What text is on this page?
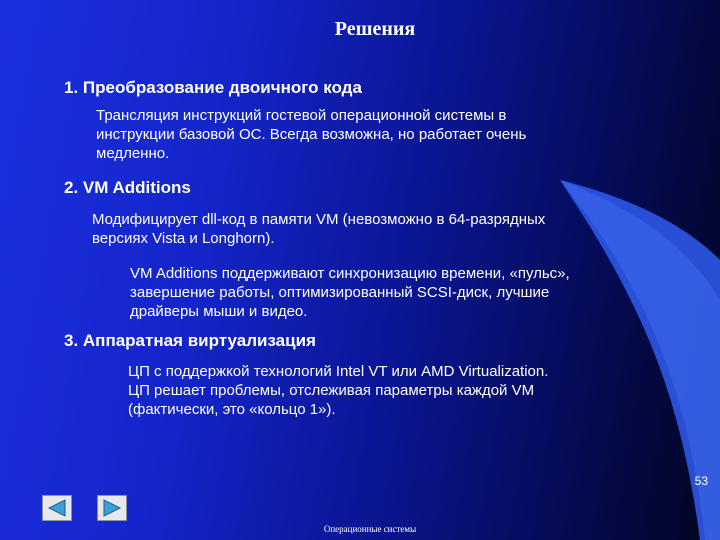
Решения
1. Преобразование двоичного кода
Трансляция инструкций гостевой операционной системы в
инструкции базовой ОС. Всегда возможна, но работает очень
медленно.
2. VM Additions
Модифицирует dll-код в памяти VM (невозможно в 64-разрядных
версиях Vista и Longhorn).
VM Additions поддерживают синхронизацию времени, «пульс»,
завершение работы, оптимизированный SCSI-диск, лучшие
драйверы мыши и видео.
3. Аппаратная виртуализация
ЦП с поддержкой технологий Intel VT или AMD Virtualization.
ЦП решает проблемы, отслеживая параметры каждой VM
(фактически, это «кольцо 1»).
53
Операционные системы
